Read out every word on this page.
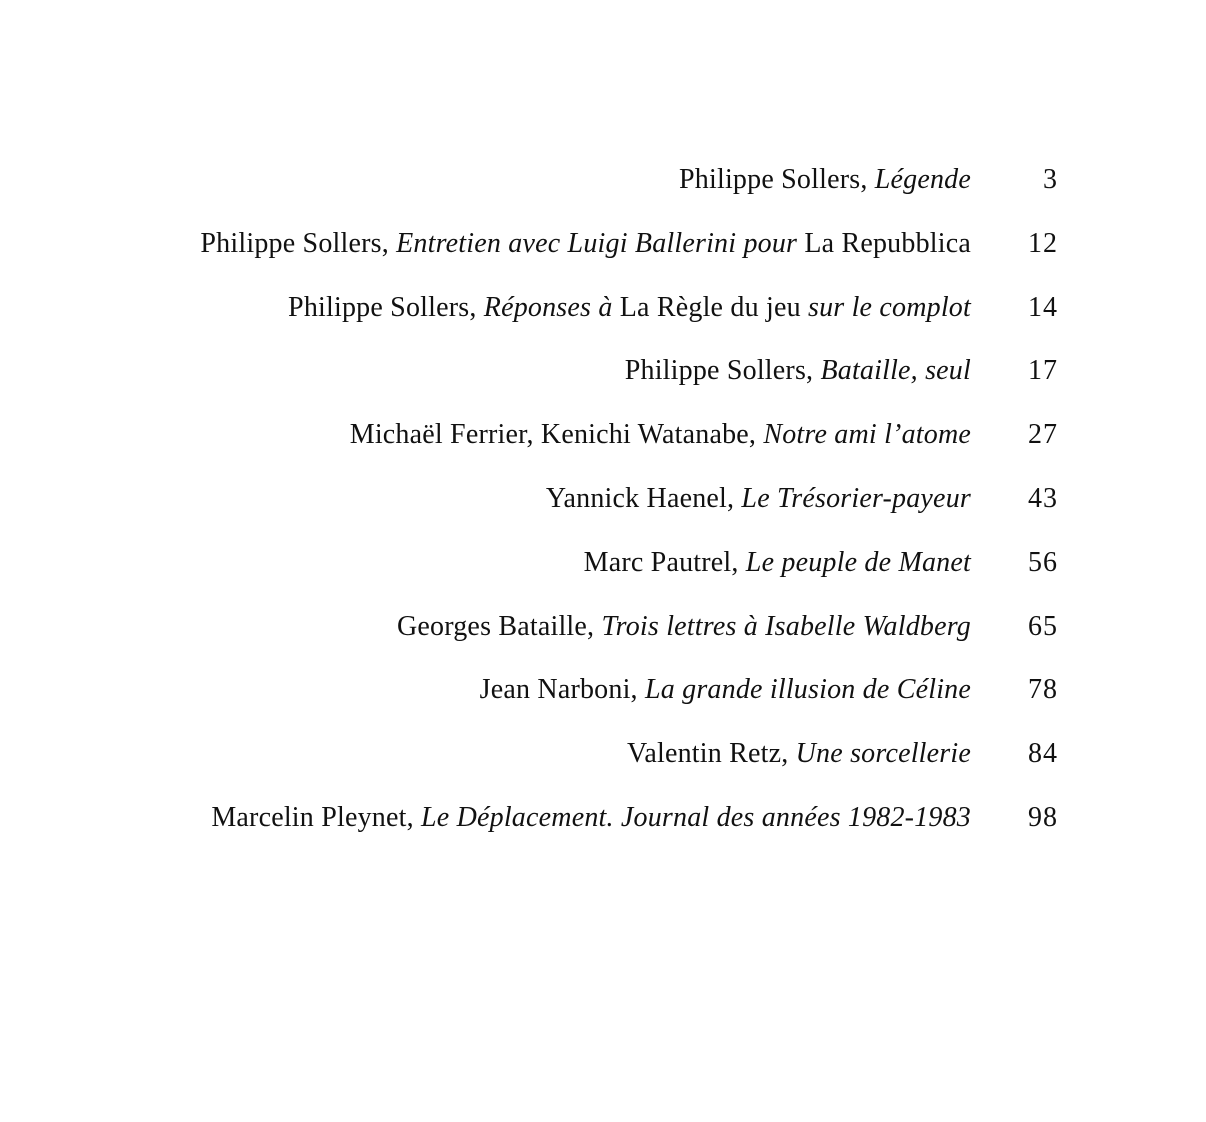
Philippe Sollers, Légende	3
Philippe Sollers, Entretien avec Luigi Ballerini pour La Repubblica 12
Philippe Sollers, Réponses à La Règle du jeu sur le complot 14
Philippe Sollers, Bataille, seul 17
Michaël Ferrier, Kenichi Watanabe, Notre ami l’atome 27
Yannick Haenel, Le Trésorier-payeur 43
Marc Pautrel, Le peuple de Manet 56
Georges Bataille, Trois lettres à Isabelle Waldberg 65
Jean Narboni, La grande illusion de Céline 78
Valentin Retz, Une sorcellerie 84
Marcelin Pleynet, Le Déplacement. Journal des années 1982-1983 98
